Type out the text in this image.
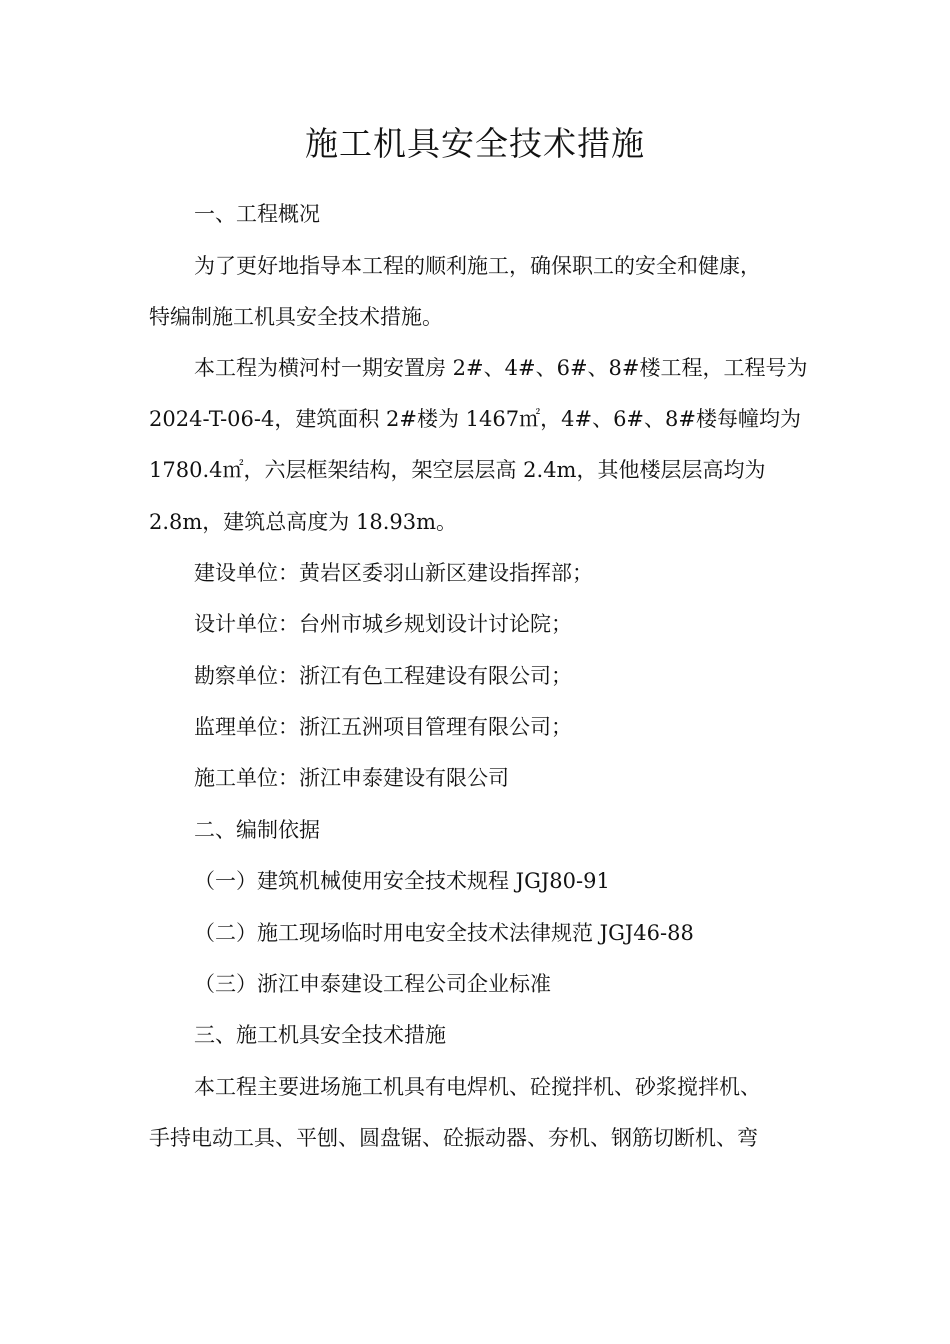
施工机具安全技术措施
一、工程概况
为了更好地指导本工程的顺利施工，确保职工的安全和健康，
特编制施工机具安全技术措施。
本工程为横河村一期安置房 2#、4#、6#、8#楼工程，工程号为
2024-T-06-4，建筑面积 2#楼为 1467㎡，4#、6#、8#楼每幢均为
1780.4㎡，六层框架结构，架空层层高 2.4m，其他楼层层高均为
2.8m，建筑总高度为 18.93m。
建设单位：黄岩区委羽山新区建设指挥部；
设计单位：台州市城乡规划设计讨论院；
勘察单位：浙江有色工程建设有限公司；
监理单位：浙江五洲项目管理有限公司；
施工单位：浙江申泰建设有限公司
二、编制依据
（一）建筑机械使用安全技术规程 JGJ80-91
（二）施工现场临时用电安全技术法律规范 JGJ46-88
（三）浙江申泰建设工程公司企业标准
三、施工机具安全技术措施
本工程主要进场施工机具有电焊机、砼搅拌机、砂浆搅拌机、
手持电动工具、平刨、圆盘锯、砼振动器、夯机、钢筋切断机、弯
